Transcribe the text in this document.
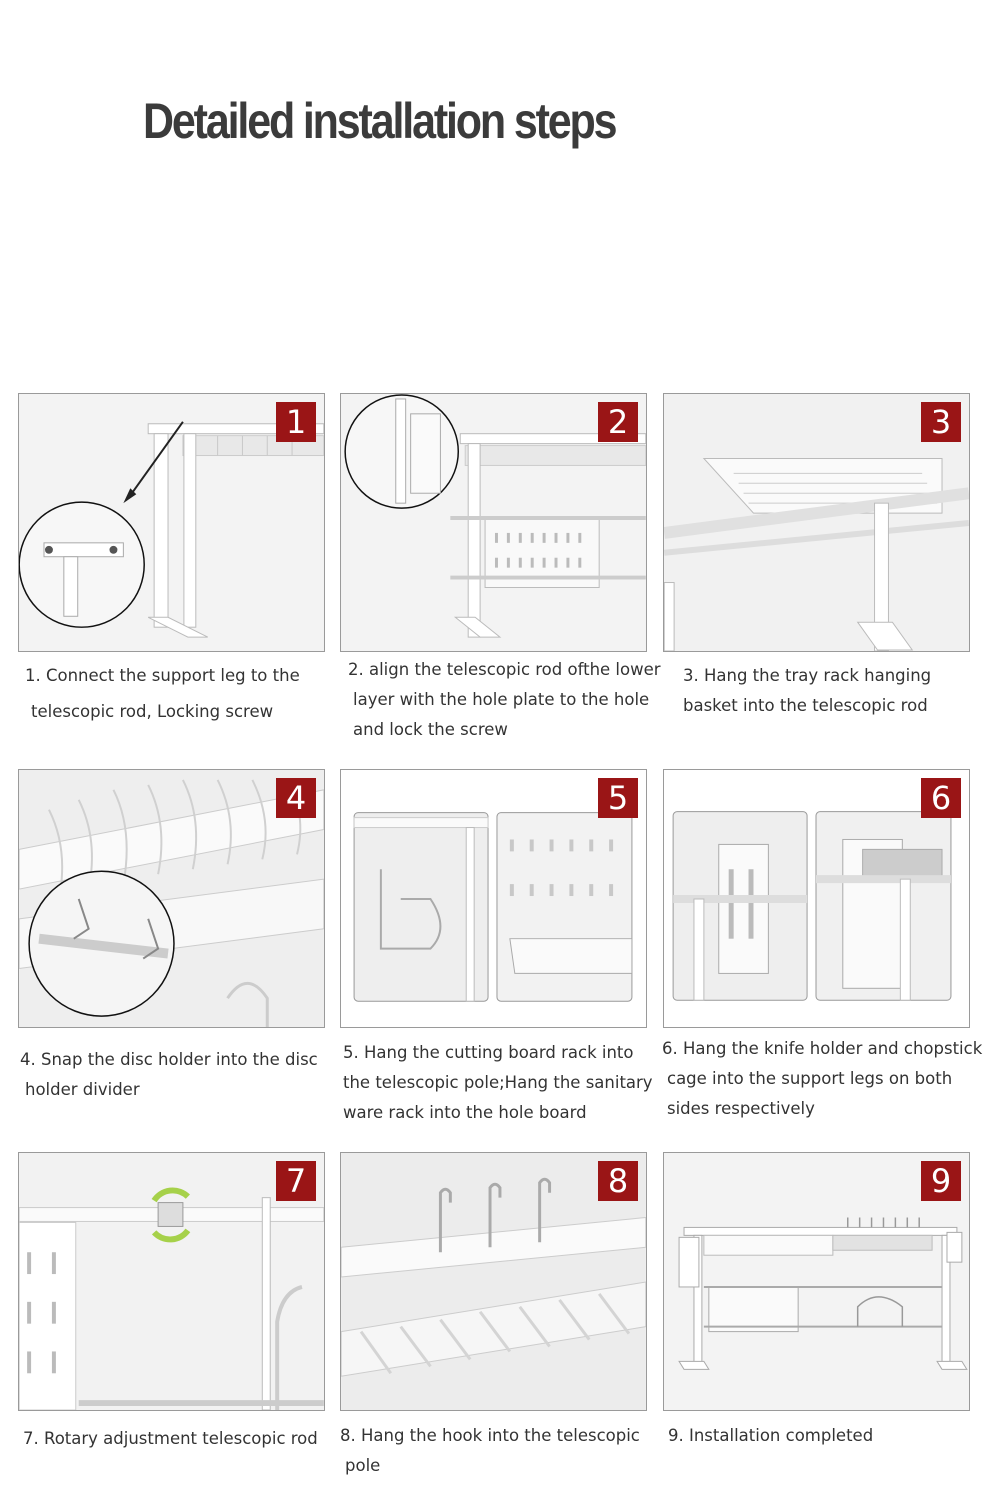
Detailed installation steps
1
1. Connect the support leg to the
telescopic rod, Locking screw
2
2. align the telescopic rod ofthe lower
layer with the hole plate to the hole
and lock the screw
3
3. Hang the tray rack hanging
basket into the telescopic rod
4
4. Snap the disc holder into the disc
holder divider
5
5. Hang the cutting board rack into
the telescopic pole;Hang the sanitary
ware rack into the hole board
6
6. Hang the knife holder and chopstick
cage into the support legs on both
sides respectively
7
7. Rotary adjustment telescopic rod
8
8. Hang the hook into the telescopic
pole
9
9. Installation completed
